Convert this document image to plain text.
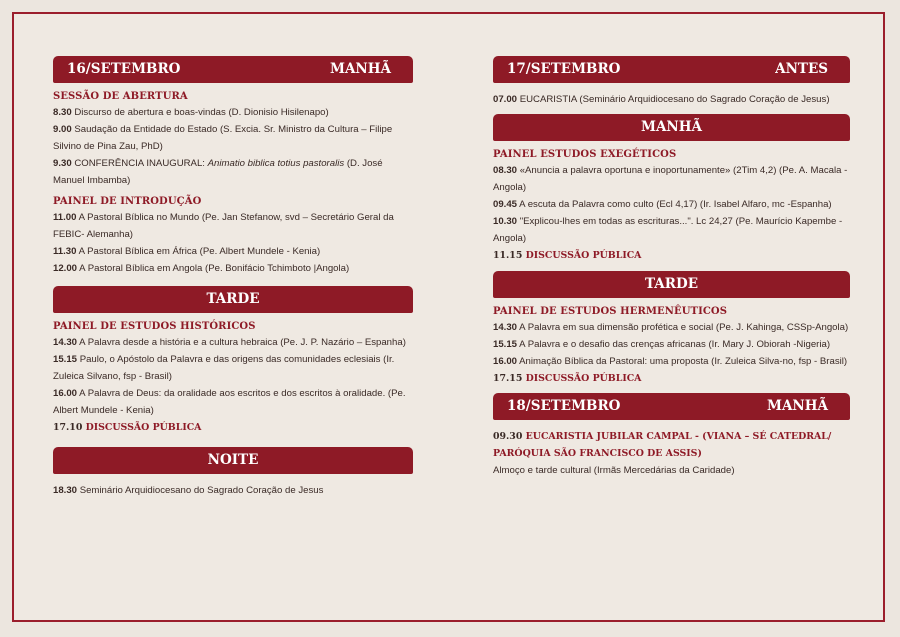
16/SETEMBRO	MANHÃ
SESSÃO DE ABERTURA

8.30 Discurso de abertura e boas-vindas (D. Dionisio Hisilenapo)

9.00 Saudação da Entidade do Estado (S. Excia. Sr. Ministro da Cultura – Filipe Silvino de Pina Zau, PhD)

9.30 CONFERÊNCIA INAUGURAL: Animatio biblica totius pastoralis (D. José Manuel Imbamba)

PAINEL DE INTRODUÇÃO

11.00 A Pastoral Bíblica no Mundo (Pe. Jan Stefanow, svd – Secretário Geral da FEBIC- Alemanha)

11.30 A Pastoral Bíblica em África (Pe. Albert Mundele - Kenia)

12.00 A Pastoral Bíblica em Angola (Pe. Bonifácio Tchimboto |Angola)

TARDE
PAINEL DE ESTUDOS HISTÓRICOS

14.30 A Palavra desde a história e a cultura hebraica (Pe. J. P. Nazário – Espanha)

15.15 Paulo, o Apóstolo da Palavra e das origens das comunidades eclesiais (Ir. Zuleica Silvano, fsp - Brasil)

16.00 A Palavra de Deus: da oralidade aos escritos e dos escritos à oralidade. (Pe. Albert Mundele - Kenia)

17.10 DISCUSSÃO PÚBLICA

NOITE

18.30 Seminário Arquidiocesano do Sagrado Coração de Jesus

17/SETEMBRO	ANTES

07.00 EUCARISTIA (Seminário Arquidiocesano do Sagrado Coração de Jesus)

MANHÃ
PAINEL ESTUDOS EXEGÉTICOS

08.30 «Anuncia a palavra oportuna e inoportunamente» (2Tim 4,2) (Pe. A. Macala - Angola)

09.45 A escuta da Palavra como culto (Ecl 4,17) (Ir. Isabel Alfaro, mc -Espanha)

10.30 "Explicou-lhes em todas as escrituras...". Lc 24,27 (Pe. Maurício Kapembe - Angola)

11.15 DISCUSSÃO PÚBLICA

TARDE
PAINEL DE ESTUDOS HERMENÊUTICOS

14.30 A Palavra em sua dimensão profética e social (Pe. J. Kahinga, CSSp-Angola)

15.15 A Palavra e o desafio das crenças africanas (Ir. Mary J. Obiorah -Nigeria)

16.00 Animação Bíblica da Pastoral: uma proposta (Ir. Zuleica Silva-no, fsp - Brasil)

17.15 DISCUSSÃO PÚBLICA

18/SETEMBRO	MANHÃ

09.30 EUCARISTIA JUBILAR CAMPAL - (VIANA – SÉ CATEDRAL/ PARÓQUIA SÃO FRANCISCO DE ASSIS)

Almoço e tarde cultural (Irmãs Mercedárias da Caridade)
